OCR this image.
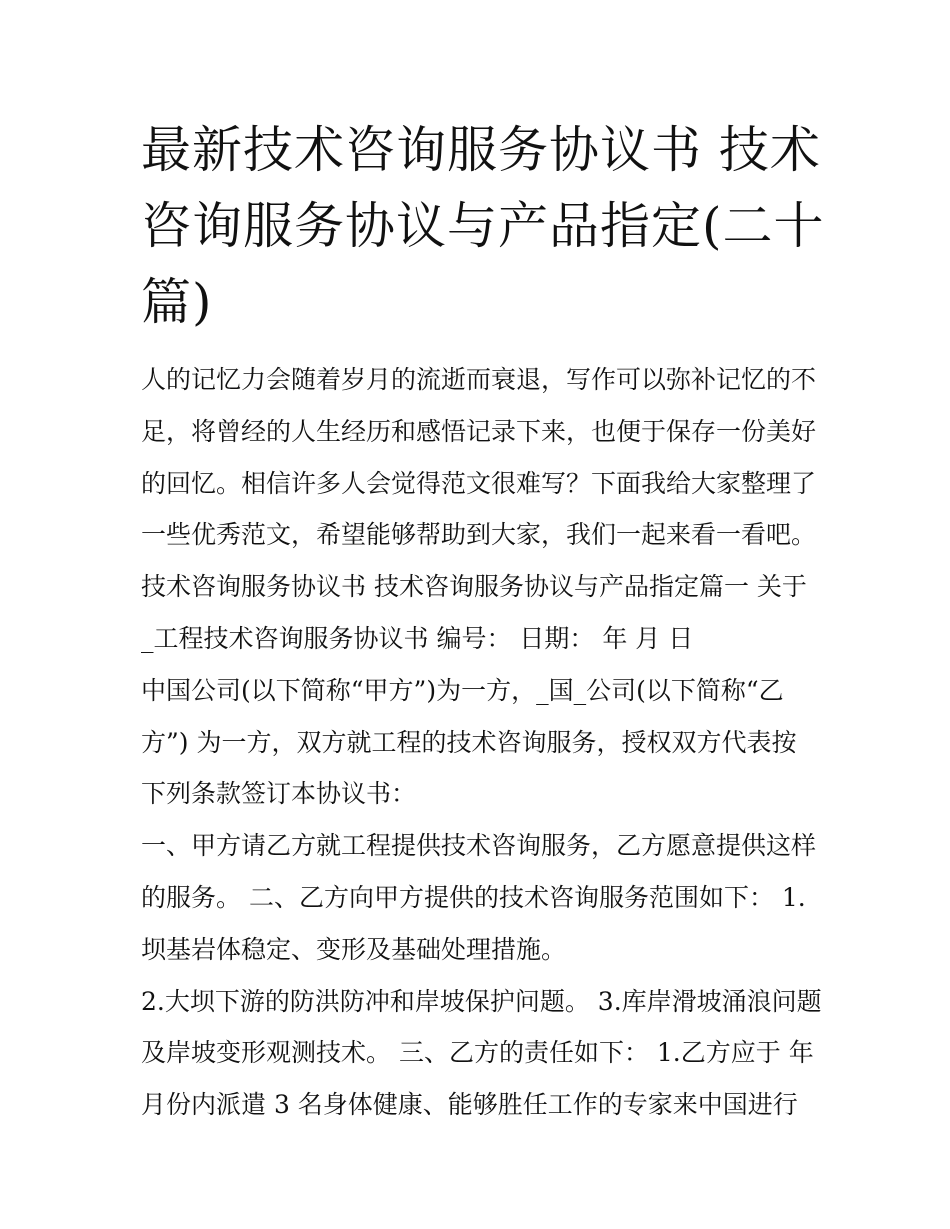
最新技术咨询服务协议书 技术
咨询服务协议与产品指定(二十
篇)
人的记忆力会随着岁月的流逝而衰退，写作可以弥补记忆的不
足，将曾经的人生经历和感悟记录下来，也便于保存一份美好
的回忆。相信许多人会觉得范文很难写？下面我给大家整理了
一些优秀范文，希望能够帮助到大家，我们一起来看一看吧。
技术咨询服务协议书 技术咨询服务协议与产品指定篇一 关于
_工程技术咨询服务协议书 编号： 日期： 年 月 日
中国公司(以下简称“甲方”)为一方，_国_公司(以下简称“乙
方”) 为一方，双方就工程的技术咨询服务，授权双方代表按
下列条款签订本协议书：
一、甲方请乙方就工程提供技术咨询服务，乙方愿意提供这样
的服务。 二、乙方向甲方提供的技术咨询服务范围如下： 1.
坝基岩体稳定、变形及基础处理措施。
2.大坝下游的防洪防冲和岸坡保护问题。 3.库岸滑坡涌浪问题
及岸坡变形观测技术。 三、乙方的责任如下： 1.乙方应于 年
月份内派遣 3 名身体健康、能够胜任工作的专家来中国进行
